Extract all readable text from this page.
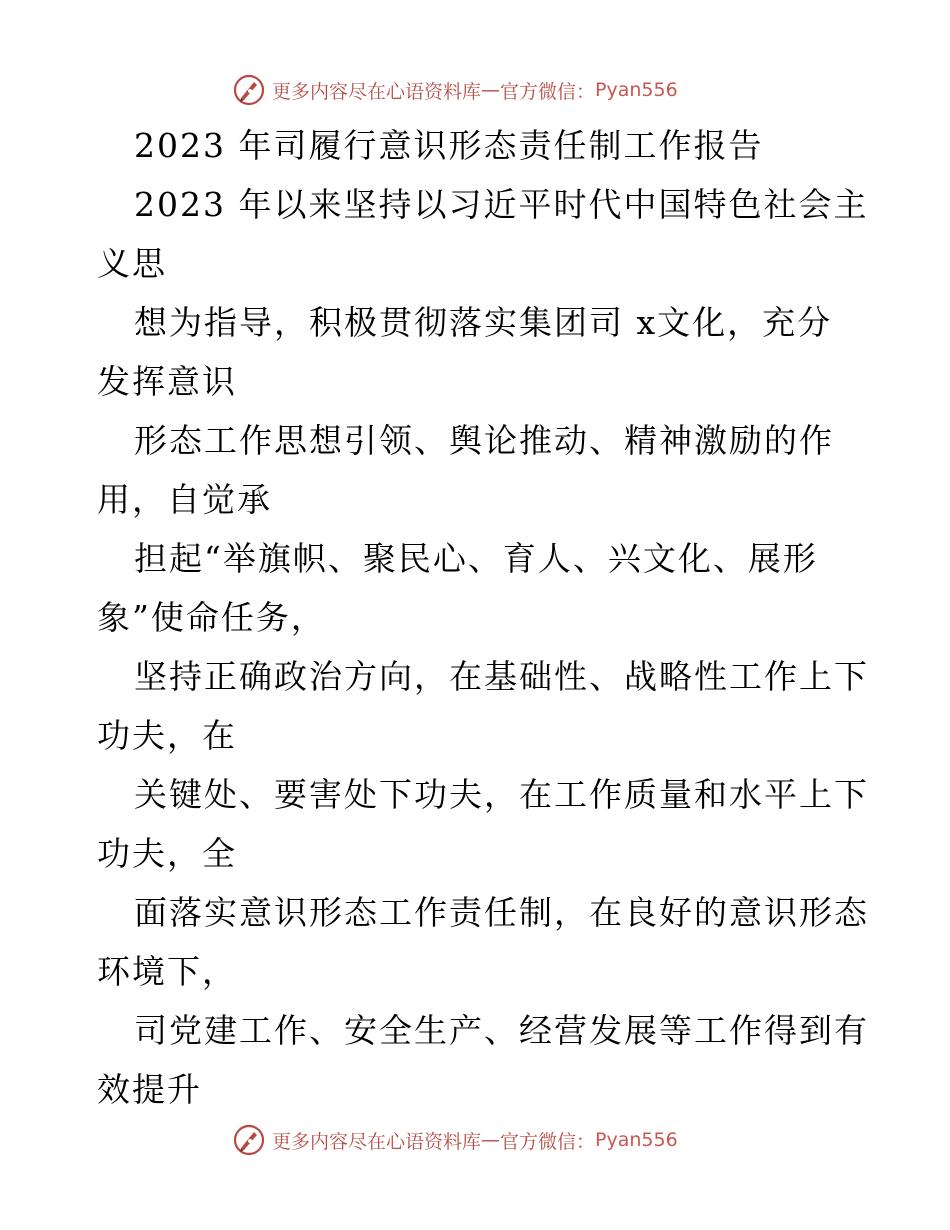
更多内容尽在心语资料库 — 官方微信： Pyan556
2023 年司履行意识形态责任制工作报告
2023 年以来坚持以习近平时代中国特色社会主
义思
想为指导，积极贯彻落实集团司 x文化，充分
发挥意识
形态工作思想引领、舆论推动、精神激励的作
用，自觉承
担起“举旗帜、聚民心、育人、兴文化、展形
象”使命任务，
坚持正确政治方向，在基础性、战略性工作上下
功夫，在
关键处、要害处下功夫，在工作质量和水平上下
功夫，全
面落实意识形态工作责任制，在良好的意识形态
环境下，
司党建工作、安全生产、经营发展等工作得到有
效提升
更多内容尽在心语资料库 — 官方微信： Pyan556
